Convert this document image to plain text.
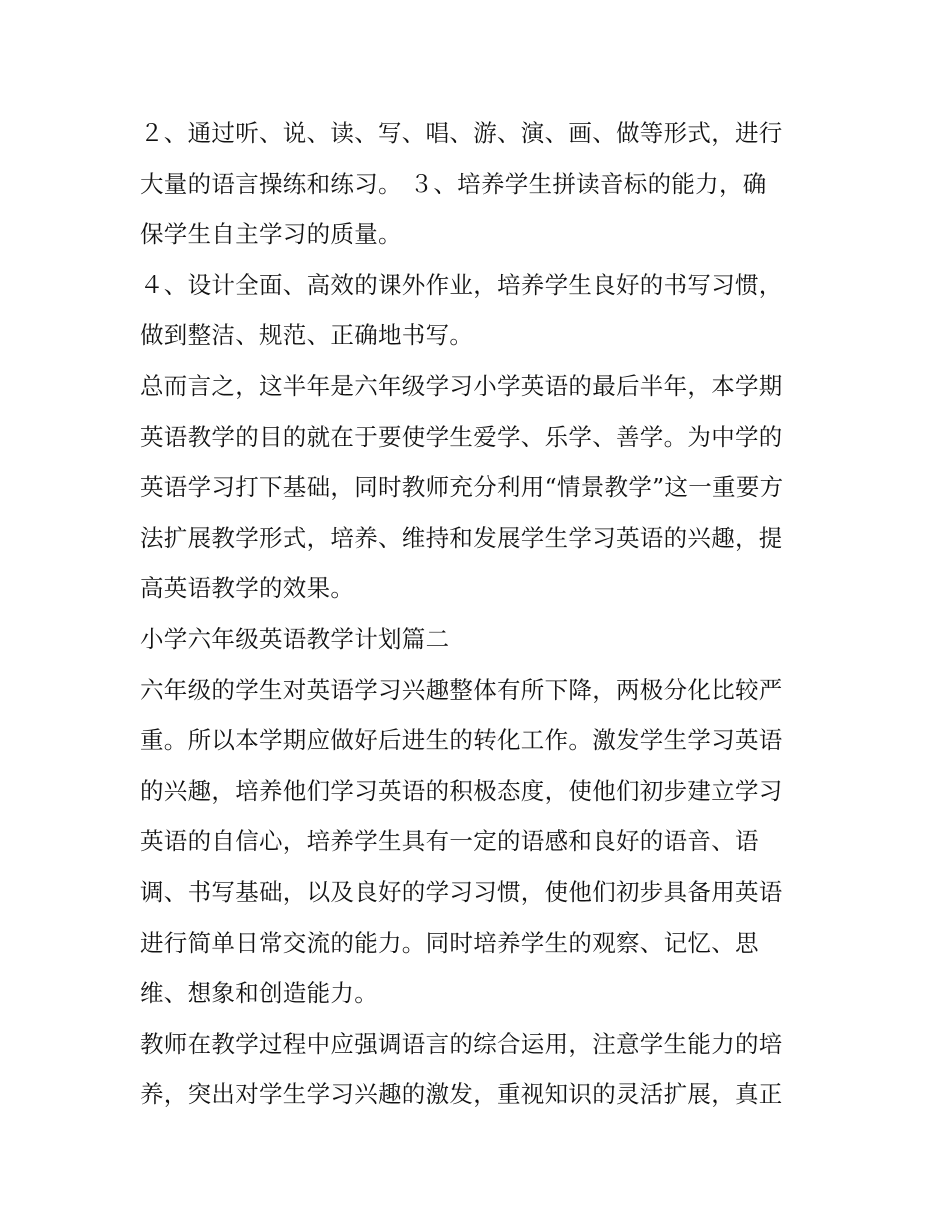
２、通过听、说、读、写、唱、游、演、画、做等形式，进行
大量的语言操练和练习。 ３、培养学生拼读音标的能力，确
保学生自主学习的质量。

４、设计全面、高效的课外作业，培养学生良好的书写习惯，
做到整洁、规范、正确地书写。

总而言之，这半年是六年级学习小学英语的最后半年，本学期
英语教学的目的就在于要使学生爱学、乐学、善学。为中学的
英语学习打下基础，同时教师充分利用“情景教学”这一重要方
法扩展教学形式，培养、维持和发展学生学习英语的兴趣，提
高英语教学的效果。

小学六年级英语教学计划篇二

六年级的学生对英语学习兴趣整体有所下降，两极分化比较严
重。所以本学期应做好后进生的转化工作。激发学生学习英语
的兴趣，培养他们学习英语的积极态度，使他们初步建立学习
英语的自信心，培养学生具有一定的语感和良好的语音、语
调、书写基础，以及良好的学习习惯，使他们初步具备用英语
进行简单日常交流的能力。同时培养学生的观察、记忆、思
维、想象和创造能力。

教师在教学过程中应强调语言的综合运用，注意学生能力的培
养，突出对学生学习兴趣的激发，重视知识的灵活扩展，真正
